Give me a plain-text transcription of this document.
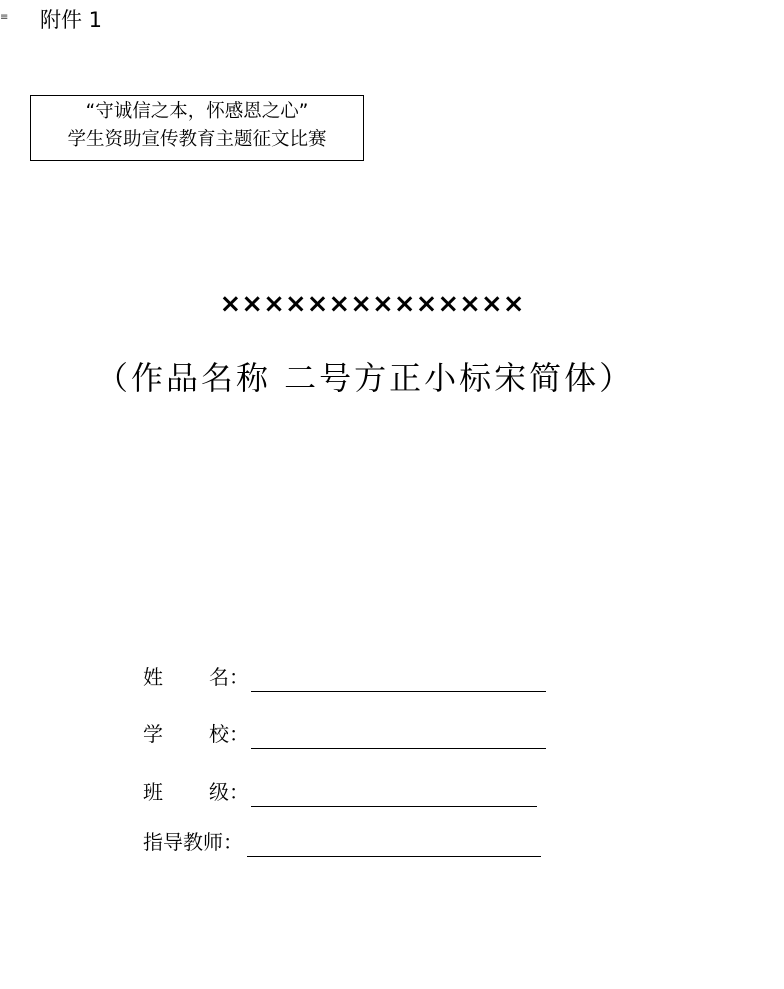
≡ 附件 1
“守诚信之本，怀感恩之心”
学生资助宣传教育主题征文比赛
××××××××××××××
（作品名称 二号方正小标宋简体）
姓 名：
学 校：
班 级：
指导教师：
